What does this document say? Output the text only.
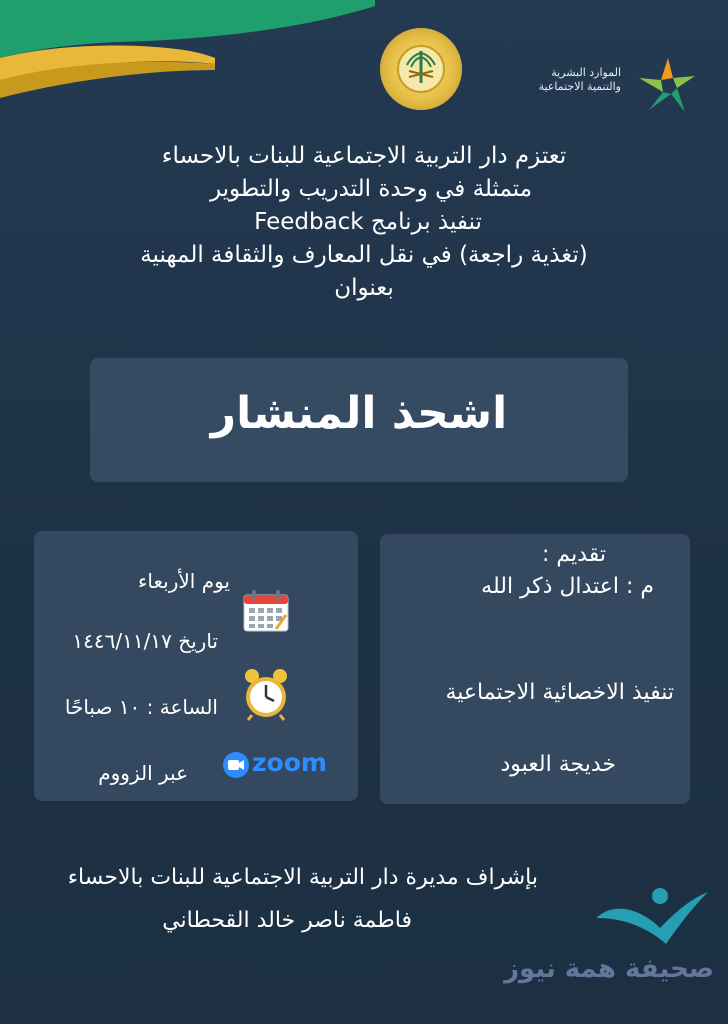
الموارد البشرية
والتنمية الاجتماعية

تعتزم دار التربية الاجتماعية للبنات بالاحساء

متمثلة في وحدة التدريب والتطوير

تنفيذ برنامج Feedback

(تغذية راجعة) في نقل المعارف والثقافة المهنية

بعنوان

اشحذ المنشار
يوم الأربعاء
تاريخ ١٤٤٦/١١/١٧
الساعة : ١٠ صباحًا
zoom
عبر الزووم
تقديم :
م : اعتدال ذكر الله
تنفيذ الاخصائية الاجتماعية
خديجة العبود
بإشراف مديرة دار التربية الاجتماعية للبنات بالاحساء
فاطمة ناصر خالد القحطاني
صحيفة همة نيوز
